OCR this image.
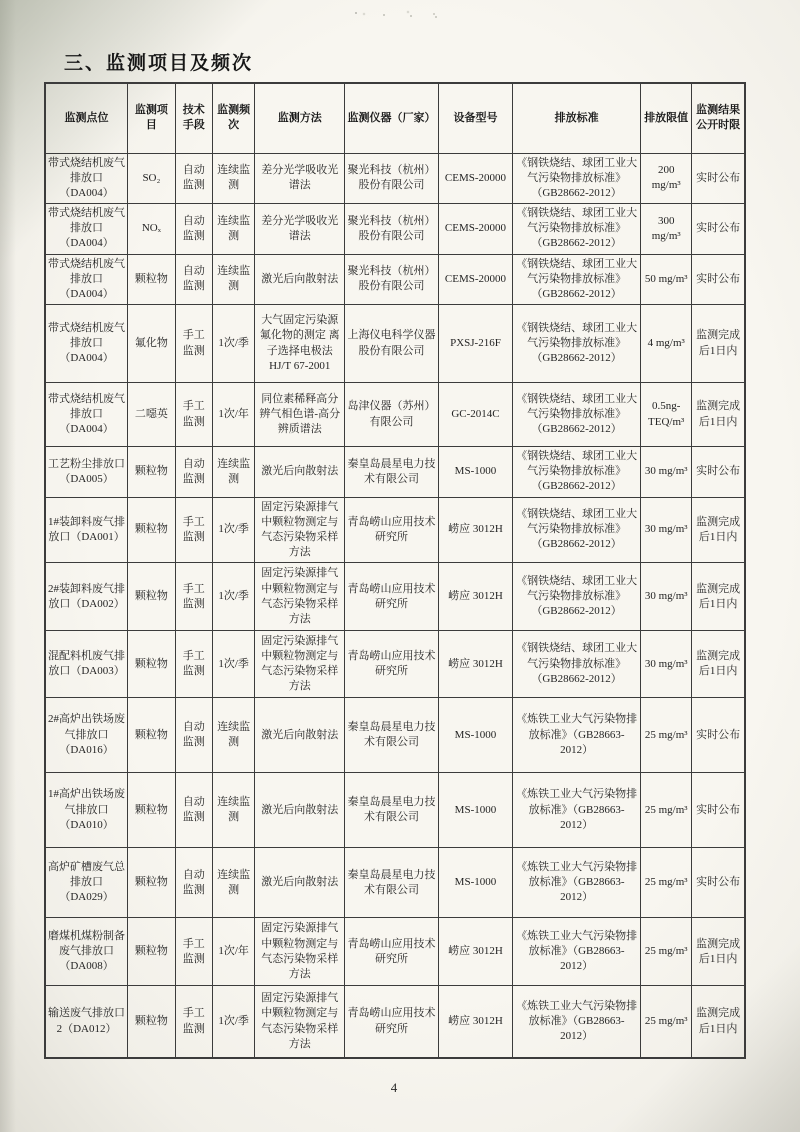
三、监测项目及频次
监测点位	监测项目	技术手段	监测频次	监测方法	监测仪器（厂家）	设备型号	排放标准	排放限值	监测结果公开时限
带式烧结机废气排放口（DA004）	SO₂	自动监测	连续监测	差分光学吸收光谱法	聚光科技（杭州）股份有限公司	CEMS-20000	《钢铁烧结、球团工业大气污染物排放标准》（GB28662-2012）	200 mg/m³	实时公布
带式烧结机废气排放口（DA004）	NOₓ	自动监测	连续监测	差分光学吸收光谱法	聚光科技（杭州）股份有限公司	CEMS-20000	《钢铁烧结、球团工业大气污染物排放标准》（GB28662-2012）	300 mg/m³	实时公布
带式烧结机废气排放口（DA004）	颗粒物	自动监测	连续监测	激光后向散射法	聚光科技（杭州）股份有限公司	CEMS-20000	《钢铁烧结、球团工业大气污染物排放标准》（GB28662-2012）	50 mg/m³	实时公布
带式烧结机废气排放口（DA004）	氟化物	手工监测	1次/季	大气固定污染源 氟化物的测定 离子选择电极法 HJ/T 67-2001	上海仪电科学仪器股份有限公司	PXSJ-216F	《钢铁烧结、球团工业大气污染物排放标准》（GB28662-2012）	4 mg/m³	监测完成后1日内
带式烧结机废气排放口（DA004）	二噁英	手工监测	1次/年	同位素稀释高分辨气相色谱-高分辨质谱法	岛津仪器（苏州）有限公司	GC-2014C	《钢铁烧结、球团工业大气污染物排放标准》（GB28662-2012）	0.5ng-TEQ/m³	监测完成后1日内
工艺粉尘排放口（DA005）	颗粒物	自动监测	连续监测	激光后向散射法	秦皇岛晨星电力技术有限公司	MS-1000	《钢铁烧结、球团工业大气污染物排放标准》（GB28662-2012）	30 mg/m³	实时公布
1#装卸料废气排放口（DA001）	颗粒物	手工监测	1次/季	固定污染源排气中颗粒物测定与气态污染物采样方法	青岛崂山应用技术研究所	崂应 3012H	《钢铁烧结、球团工业大气污染物排放标准》（GB28662-2012）	30 mg/m³	监测完成后1日内
2#装卸料废气排放口（DA002）	颗粒物	手工监测	1次/季	固定污染源排气中颗粒物测定与气态污染物采样方法	青岛崂山应用技术研究所	崂应 3012H	《钢铁烧结、球团工业大气污染物排放标准》（GB28662-2012）	30 mg/m³	监测完成后1日内
混配料机废气排放口（DA003）	颗粒物	手工监测	1次/季	固定污染源排气中颗粒物测定与气态污染物采样方法	青岛崂山应用技术研究所	崂应 3012H	《钢铁烧结、球团工业大气污染物排放标准》（GB28662-2012）	30 mg/m³	监测完成后1日内
2#高炉出铁场废气排放口（DA016）	颗粒物	自动监测	连续监测	激光后向散射法	秦皇岛晨星电力技术有限公司	MS-1000	《炼铁工业大气污染物排放标准》（GB28663-2012）	25 mg/m³	实时公布
1#高炉出铁场废气排放口（DA010）	颗粒物	自动监测	连续监测	激光后向散射法	秦皇岛晨星电力技术有限公司	MS-1000	《炼铁工业大气污染物排放标准》（GB28663-2012）	25 mg/m³	实时公布
高炉矿槽废气总排放口（DA029）	颗粒物	自动监测	连续监测	激光后向散射法	秦皇岛晨星电力技术有限公司	MS-1000	《炼铁工业大气污染物排放标准》（GB28663-2012）	25 mg/m³	实时公布
磨煤机煤粉制备废气排放口（DA008）	颗粒物	手工监测	1次/年	固定污染源排气中颗粒物测定与气态污染物采样方法	青岛崂山应用技术研究所	崂应 3012H	《炼铁工业大气污染物排放标准》（GB28663-2012）	25 mg/m³	监测完成后1日内
输送废气排放口 2（DA012）	颗粒物	手工监测	1次/季	固定污染源排气中颗粒物测定与气态污染物采样方法	青岛崂山应用技术研究所	崂应 3012H	《炼铁工业大气污染物排放标准》（GB28663-2012）	25 mg/m³	监测完成后1日内
4
